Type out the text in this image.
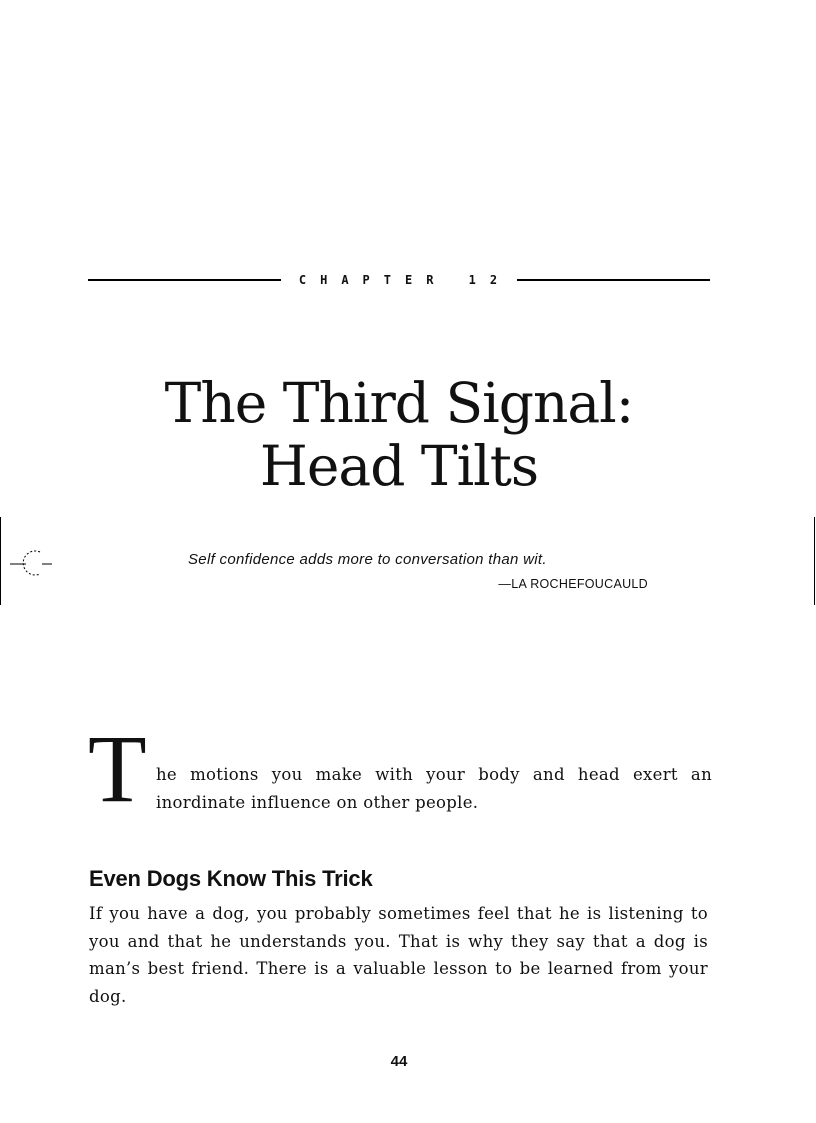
CHAPTER 12
The Third Signal:
Head Tilts

Self confidence adds more to conversation than wit.

—LA ROCHEFOUCAULD

T he motions you make with your body and head exert an inordinate influence on other people.

Even Dogs Know This Trick

If you have a dog, you probably sometimes feel that he is listening to you and that he understands you. That is why they say that a dog is man’s best friend. There is a valuable lesson to be learned from your dog.

44
